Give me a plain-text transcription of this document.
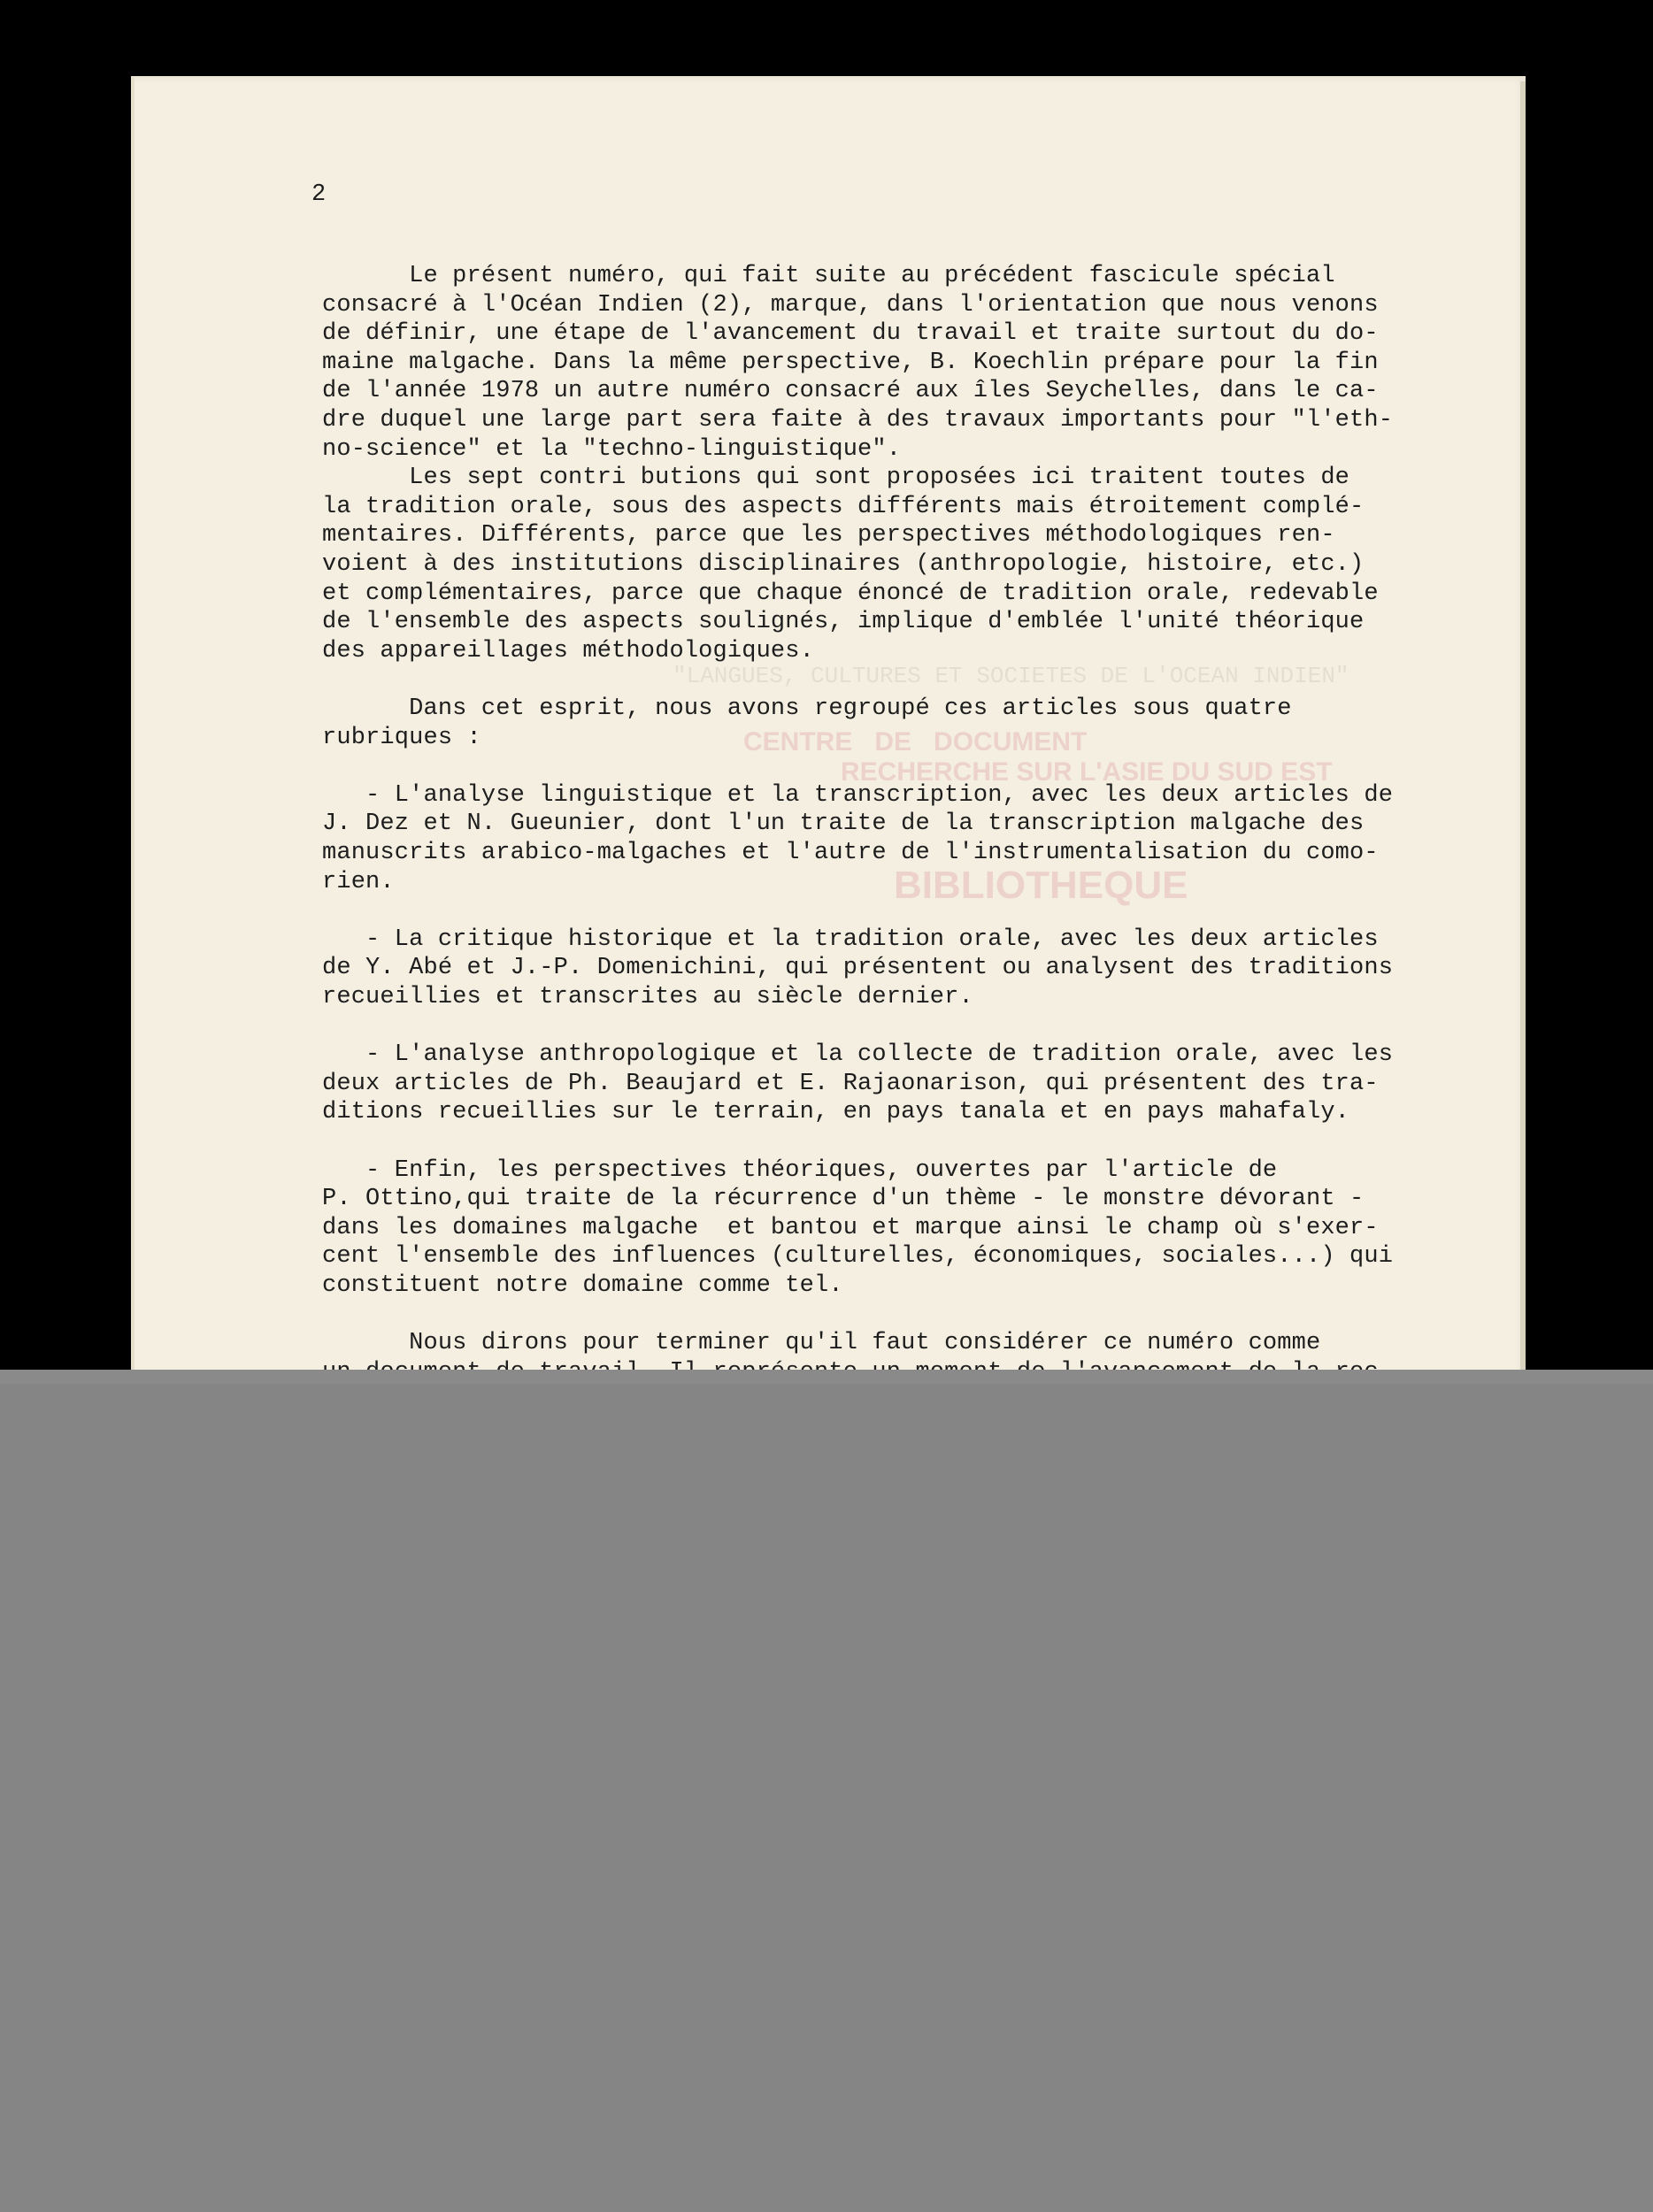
"LANGUES, CULTURES ET SOCIETES DE L'OCEAN INDIEN"
CENTRE   DE   DOCUMENT
RECHERCHE SUR L'ASIE DU SUD EST
BIBLIOTHEQUE
2
Le présent numéro, qui fait suite au précédent fascicule spécial
consacré à l'Océan Indien (2), marque, dans l'orientation que nous venons
de définir, une étape de l'avancement du travail et traite surtout du do-
maine malgache. Dans la même perspective, B. Koechlin prépare pour la fin
de l'année 1978 un autre numéro consacré aux îles Seychelles, dans le ca-
dre duquel une large part sera faite à des travaux importants pour "l'eth-
no-science" et la "techno-linguistique".
Les sept contri butions qui sont proposées ici traitent toutes de
la tradition orale, sous des aspects différents mais étroitement complé-
mentaires. Différents, parce que les perspectives méthodologiques ren-
voient à des institutions disciplinaires (anthropologie, histoire, etc.)
et complémentaires, parce que chaque énoncé de tradition orale, redevable
de l'ensemble des aspects soulignés, implique d'emblée l'unité théorique
des appareillages méthodologiques.
Dans cet esprit, nous avons regroupé ces articles sous quatre
rubriques :
- L'analyse linguistique et la transcription, avec les deux articles de
J. Dez et N. Gueunier, dont l'un traite de la transcription malgache des
manuscrits arabico-malgaches et l'autre de l'instrumentalisation du como-
rien.
- La critique historique et la tradition orale, avec les deux articles
de Y. Abé et J.-P. Domenichini, qui présentent ou analysent des traditions
recueillies et transcrites au siècle dernier.
- L'analyse anthropologique et la collecte de tradition orale, avec les
deux articles de Ph. Beaujard et E. Rajaonarison, qui présentent des tra-
ditions recueillies sur le terrain, en pays tanala et en pays mahafaly.
- Enfin, les perspectives théoriques, ouvertes par l'article de
P. Ottino,qui traite de la récurrence d'un thème - le monstre dévorant -
dans les domaines malgache  et bantou et marque ainsi le champ où s'exer-
cent l'ensemble des influences (culturelles, économiques, sociales...) qui
constituent notre domaine comme tel.
Nous dirons pour terminer qu'il faut considérer ce numéro comme
